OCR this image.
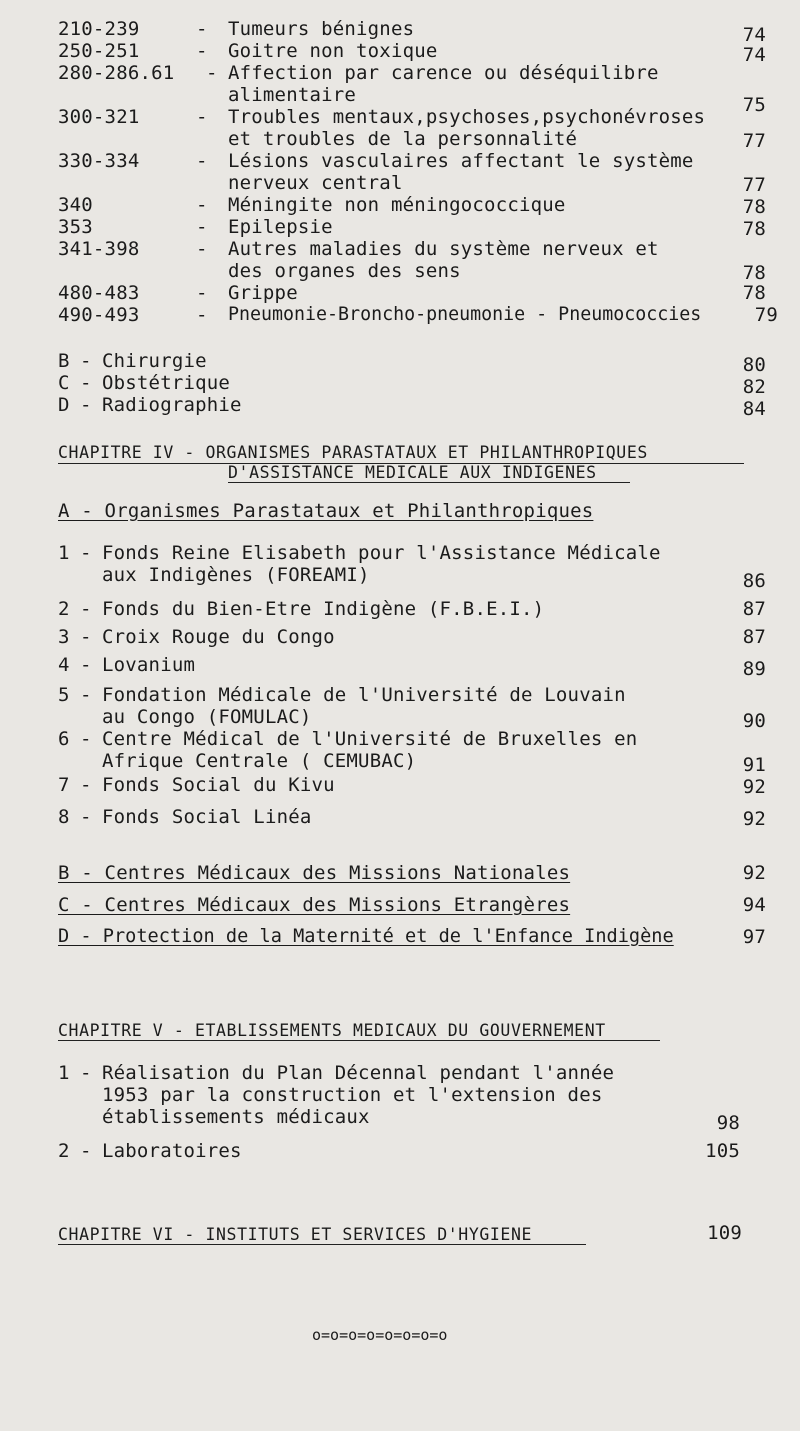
210-239	- Tumeurs bénignes	74
250-251	- Goitre non toxique	74
280-286.61 - Affection par carence ou déséquilibre
alimentaire	75
300-321	- Troubles mentaux,psychoses,psychonévroses
et troubles de la personnalité	77
330-334	- Lésions vasculaires affectant le système
nerveux central	77
340	- Méningite non méningococcique	78
353	- Epilepsie	78
341-398	- Autres maladies du système nerveux et
des organes des sens	78
480-483	- Grippe	78
490-493	- Pneumonie-Broncho-pneumonie - Pneumococcies	79
B - Chirurgie	80
C - Obstétrique	82
D - Radiographie	84
CHAPITRE IV - ORGANISMES PARASTATAUX ET PHILANTHROPIQUES
D'ASSISTANCE MEDICALE AUX INDIGENES
A - Organismes Parastataux et Philanthropiques
1 - Fonds Reine Elisabeth pour l'Assistance Médicale
aux Indigènes (FOREAMI)	86
2 - Fonds du Bien-Etre Indigène (F.B.E.I.)	87
3 - Croix Rouge du Congo	87
4 - Lovanium	89
5 - Fondation Médicale de l'Université de Louvain
au Congo (FOMULAC)	90
6 - Centre Médical de l'Université de Bruxelles en
Afrique Centrale ( CEMUBAC)	91
7 - Fonds Social du Kivu	92
8 - Fonds Social Linéa	92
B - Centres Médicaux des Missions Nationales	92
C - Centres Médicaux des Missions Etrangères	94
D - Protection de la Maternité et de l'Enfance Indigène	97
CHAPITRE V - ETABLISSEMENTS MEDICAUX DU GOUVERNEMENT
1 - Réalisation du Plan Décennal pendant l'année
1953 par la construction et l'extension des
établissements médicaux	98
2 - Laboratoires	105
CHAPITRE VI - INSTITUTS ET SERVICES D'HYGIENE	109
o=o=o=o=o=o=o=o
